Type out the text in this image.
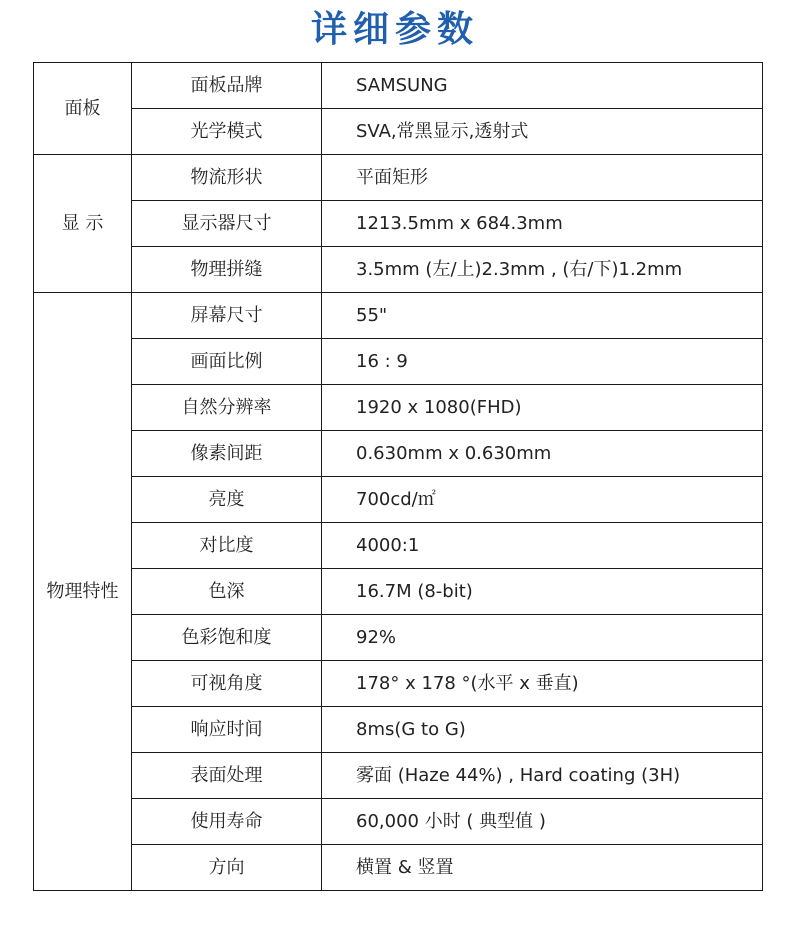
详细参数
面板	面板品牌	SAMSUNG
	光学模式	SVA,常黑显示,透射式
显 示	物流形状	平面矩形
	显示器尺寸	1213.5mm x 684.3mm
	物理拼缝	3.5mm (左/上)2.3mm , (右/下)1.2mm
物理特性	屏幕尺寸	55"
	画面比例	16 : 9
	自然分辨率	1920 x 1080(FHD)
	像素间距	0.630mm x 0.630mm
	亮度	700cd/㎡
	对比度	4000:1
	色深	16.7M (8-bit)
	色彩饱和度	92%
	可视角度	178° x 178 °(水平 x 垂直)
	响应时间	8ms(G to G)
	表面处理	雾面 (Haze 44%) , Hard coating (3H)
	使用寿命	60,000 小时 ( 典型值 )
	方向	横置 & 竖置
